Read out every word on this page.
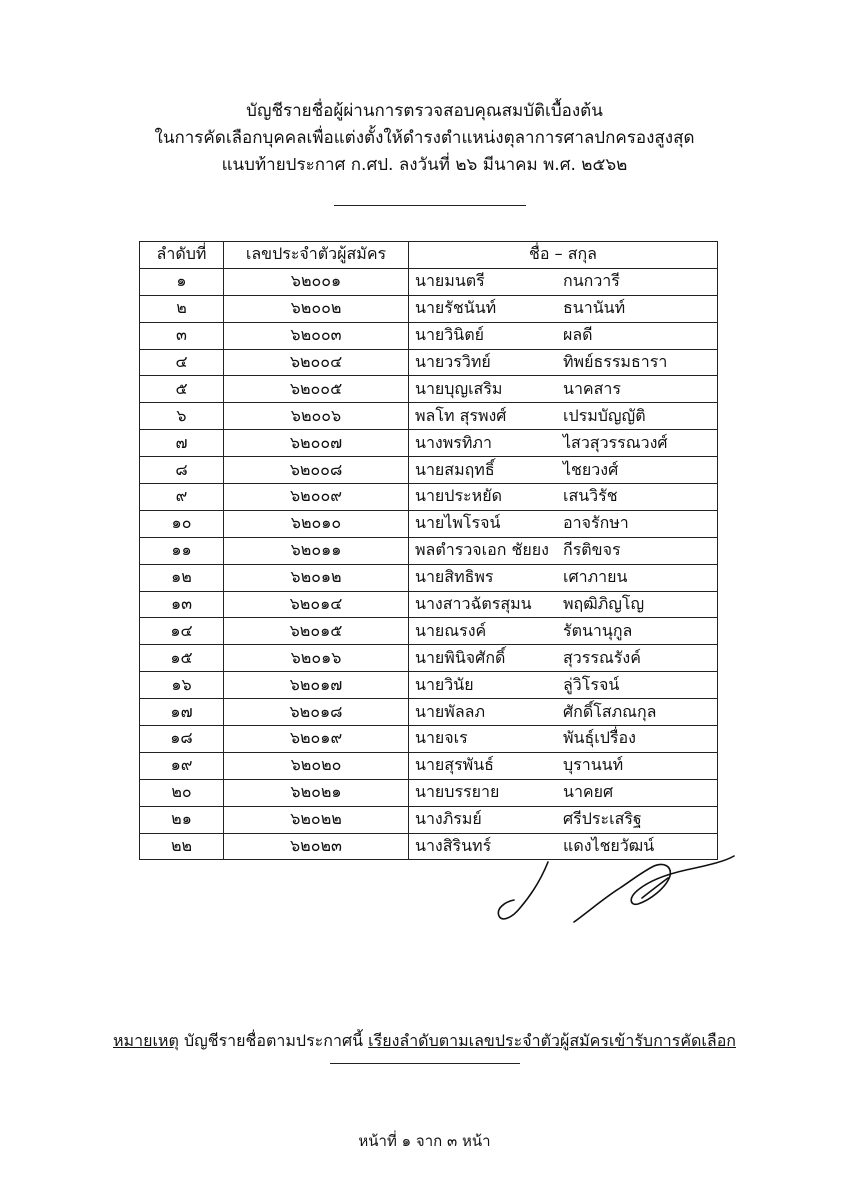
บัญชีรายชื่อผู้ผ่านการตรวจสอบคุณสมบัติเบื้องต้น
ในการคัดเลือกบุคคลเพื่อแต่งตั้งให้ดำรงตำแหน่งตุลาการศาลปกครองสูงสุด
แนบท้ายประกาศ ก.ศป. ลงวันที่ ๒๖ มีนาคม พ.ศ. ๒๕๖๒
ลำดับที่	เลขประจำตัวผู้สมัคร	ชื่อ – สกุล
๑	๖๒๐๐๑	นายมนตรี กนกวารี
๒	๖๒๐๐๒	นายรัชนันท์ ธนานันท์
๓	๖๒๐๐๓	นายวินิตย์ ผลดี
๔	๖๒๐๐๔	นายวรวิทย์ ทิพย์ธรรมธารา
๕	๖๒๐๐๕	นายบุญเสริม นาคสาร
๖	๖๒๐๐๖	พลโท สุรพงศ์ เปรมบัญญัติ
๗	๖๒๐๐๗	นางพรทิภา ไสวสุวรรณวงศ์
๘	๖๒๐๐๘	นายสมฤทธิ์ ไชยวงศ์
๙	๖๒๐๐๙	นายประหยัด เสนวิรัช
๑๐	๖๒๐๑๐	นายไพโรจน์ อาจรักษา
๑๑	๖๒๐๑๑	พลตำรวจเอก ชัยยง กีรติขจร
๑๒	๖๒๐๑๒	นายสิทธิพร เศาภายน
๑๓	๖๒๐๑๔	นางสาวฉัตรสุมน พฤฒิภิญโญ
๑๔	๖๒๐๑๕	นายณรงค์ รัตนานุกูล
๑๕	๖๒๐๑๖	นายพินิจศักดิ์ สุวรรณรังค์
๑๖	๖๒๐๑๗	นายวินัย ลู่วิโรจน์
๑๗	๖๒๐๑๘	นายพัลลภ ศักดิ์โสภณกุล
๑๘	๖๒๐๑๙	นายจเร พันธุ์เปรื่อง
๑๙	๖๒๐๒๐	นายสุรพันธ์ บุรานนท์
๒๐	๖๒๐๒๑	นายบรรยาย นาคยศ
๒๑	๖๒๐๒๒	นางภิรมย์ ศรีประเสริฐ
๒๒	๖๒๐๒๓	นางสิรินทร์ แดงไชยวัฒน์
หมายเหตุ บัญชีรายชื่อตามประกาศนี้ เรียงลำดับตามเลขประจำตัวผู้สมัครเข้ารับการคัดเลือก
หน้าที่ ๑ จาก ๓ หน้า
